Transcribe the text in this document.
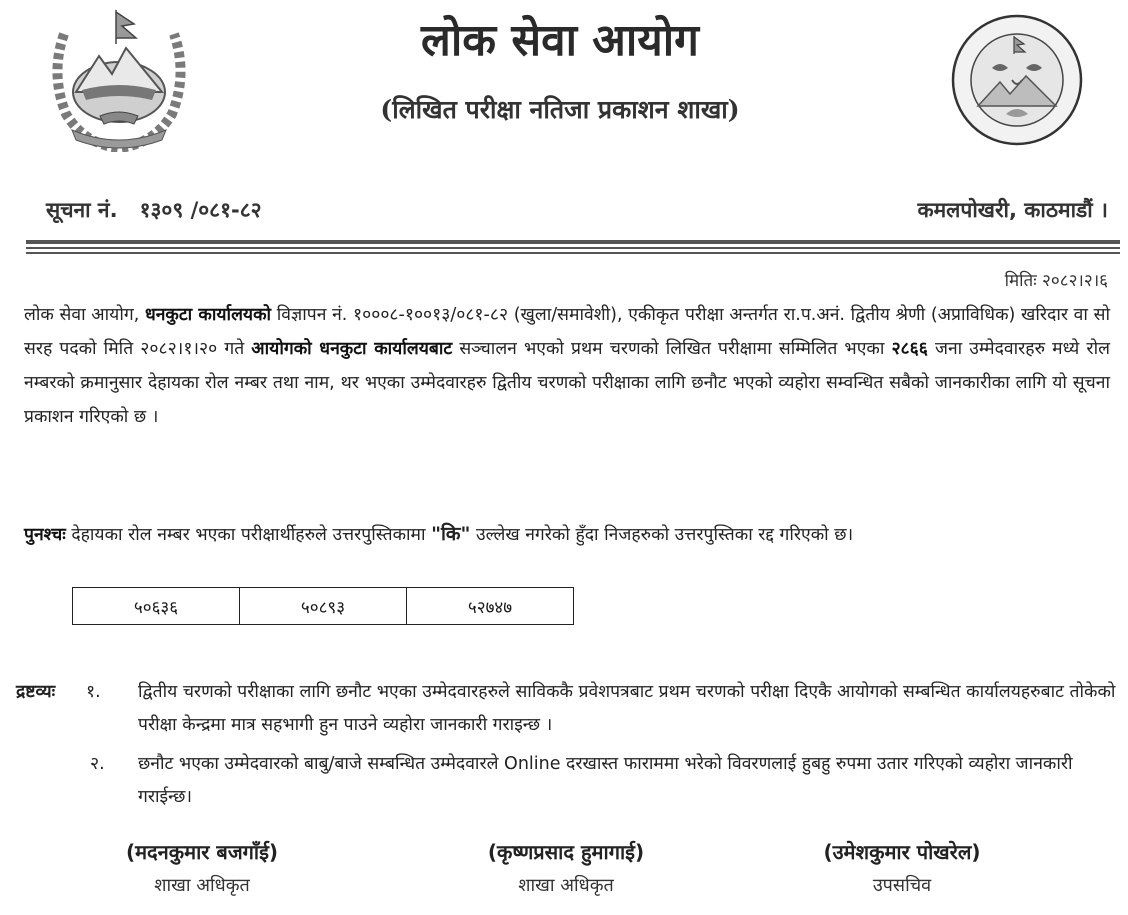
लोक सेवा आयोग
(लिखित परीक्षा नतिजा प्रकाशन शाखा)
सूचना नं. १३०९ /०८१-८२	कमलपोखरी, काठमाडौं ।
मितिः २०८२।२।६
लोक सेवा आयोग, धनकुटा कार्यालयको विज्ञापन नं. १०००८-१००१३/०८१-८२ (खुला/समावेशी), एकीकृत परीक्षा अन्तर्गत रा.प.अनं. द्वितीय श्रेणी (अप्राविधिक) खरिदार वा सो सरह पदको मिति २०८२।१।२० गते आयोगको धनकुटा कार्यालयबाट सञ्चालन भएको प्रथम चरणको लिखित परीक्षामा सम्मिलित भएका २८६६ जना उम्मेदवारहरु मध्ये रोल नम्बरको क्रमानुसार देहायका रोल नम्बर तथा नाम, थर भएका उम्मेदवारहरु द्वितीय चरणको परीक्षाका लागि छनौट भएको व्यहोरा सम्वन्धित सबैको जानकारीका लागि यो सूचना प्रकाशन गरिएको छ ।
पुनश्चः देहायका रोल नम्बर भएका परीक्षार्थीहरुले उत्तरपुस्तिकामा "कि" उल्लेख नगरेको हुँदा निजहरुको उत्तरपुस्तिका रद्द गरिएको छ।
५०६३६	५०८९३	५२७४७
द्रष्टव्यः १. द्वितीय चरणको परीक्षाका लागि छनौट भएका उम्मेदवारहरुले साविककै प्रवेशपत्रबाट प्रथम चरणको परीक्षा दिएकै आयोगको सम्बन्धित कार्यालयहरुबाट तोकेको परीक्षा केन्द्रमा मात्र सहभागी हुन पाउने व्यहोरा जानकारी गराइन्छ ।
२. छनौट भएका उम्मेदवारको बाबु/बाजे सम्बन्धित उम्मेदवारले Online दरखास्त फाराममा भरेको विवरणलाई हुबहु रुपमा उतार गरिएको व्यहोरा जानकारी गराईन्छ।
(मदनकुमार बजगाँई)
शाखा अधिकृत
(कृष्णप्रसाद हुमागाई)
शाखा अधिकृत
(उमेशकुमार पोखरेल)
उपसचिव
